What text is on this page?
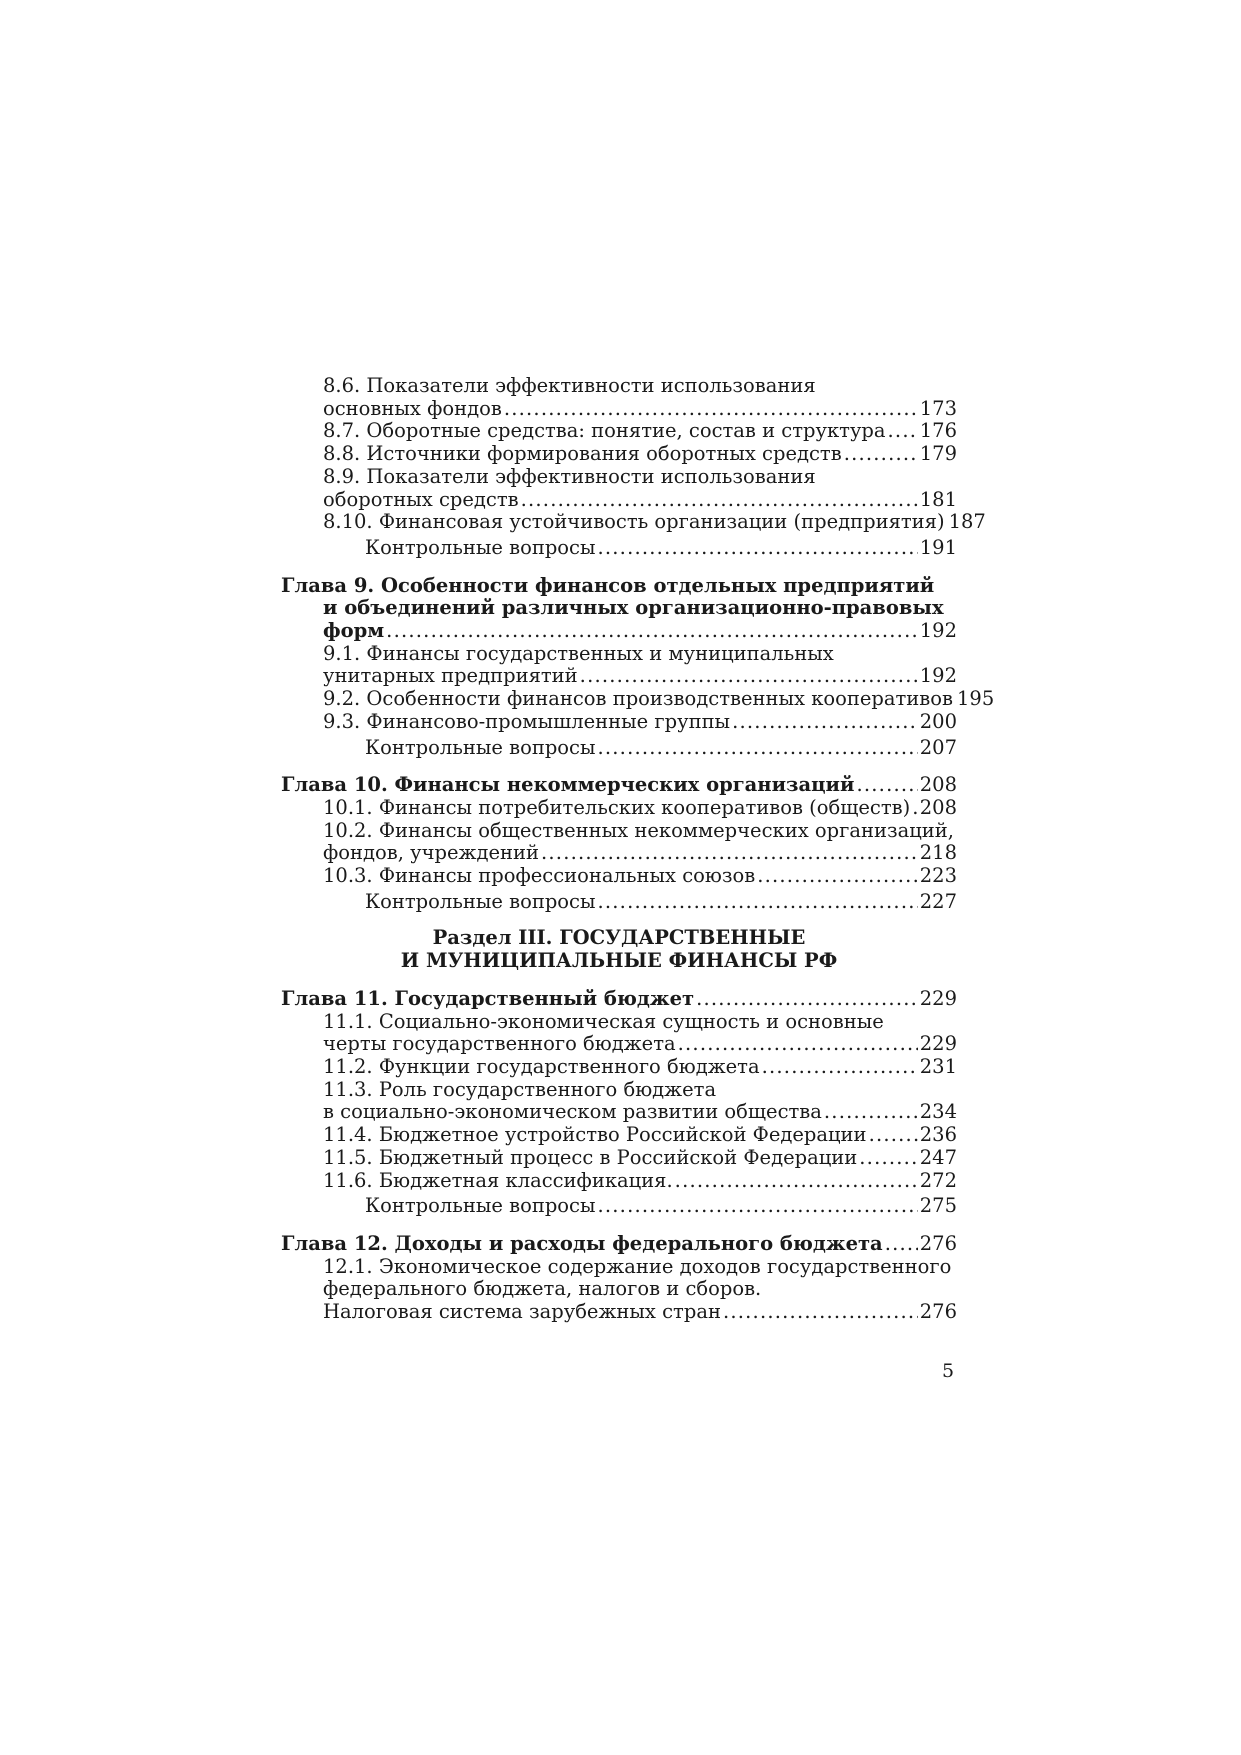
8.6. Показатели эффективности использования
основных фондов .....	173
8.7. Оборотные средства: понятие, состав и структура ..... 176
8.8. Источники формирования оборотных средств .....	179
8.9. Показатели эффективности использования
оборотных средств .....	181
8.10. Финансовая устойчивость организации (предприятия) 187
Контрольные вопросы .....	191
Глава 9. Особенности финансов отдельных предприятий
и объединений различных организационно-правовых
форм .....	192
9.1. Финансы государственных и муниципальных
унитарных предприятий .....	192
9.2. Особенности финансов производственных кооперативов 195
9.3. Финансово-промышленные группы .....	200
Контрольные вопросы .....	207
Глава 10. Финансы некоммерческих организаций .....	208
10.1. Финансы потребительских кооперативов (обществ) ..... 208
10.2. Финансы общественных некоммерческих организаций,
фондов, учреждений .....	218
10.3. Финансы профессиональных союзов .....	223
Контрольные вопросы .....	227
Раздел III. ГОСУДАРСТВЕННЫЕ
И МУНИЦИПАЛЬНЫЕ ФИНАНСЫ РФ
Глава 11. Государственный бюджет .....	229
11.1. Социально-экономическая сущность и основные
черты государственного бюджета .....	229
11.2. Функции государственного бюджета .....	231
11.3. Роль государственного бюджета
в социально-экономическом развитии общества .....	234
11.4. Бюджетное устройство Российской Федерации .....	236
11.5. Бюджетный процесс в Российской Федерации .....	247
11.6. Бюджетная классификация. .....	272
Контрольные вопросы .....	275
Глава 12. Доходы и расходы федерального бюджета ..... 276
12.1. Экономическое содержание доходов государственного
федерального бюджета, налогов и сборов.
Налоговая система зарубежных стран .....	276
5
